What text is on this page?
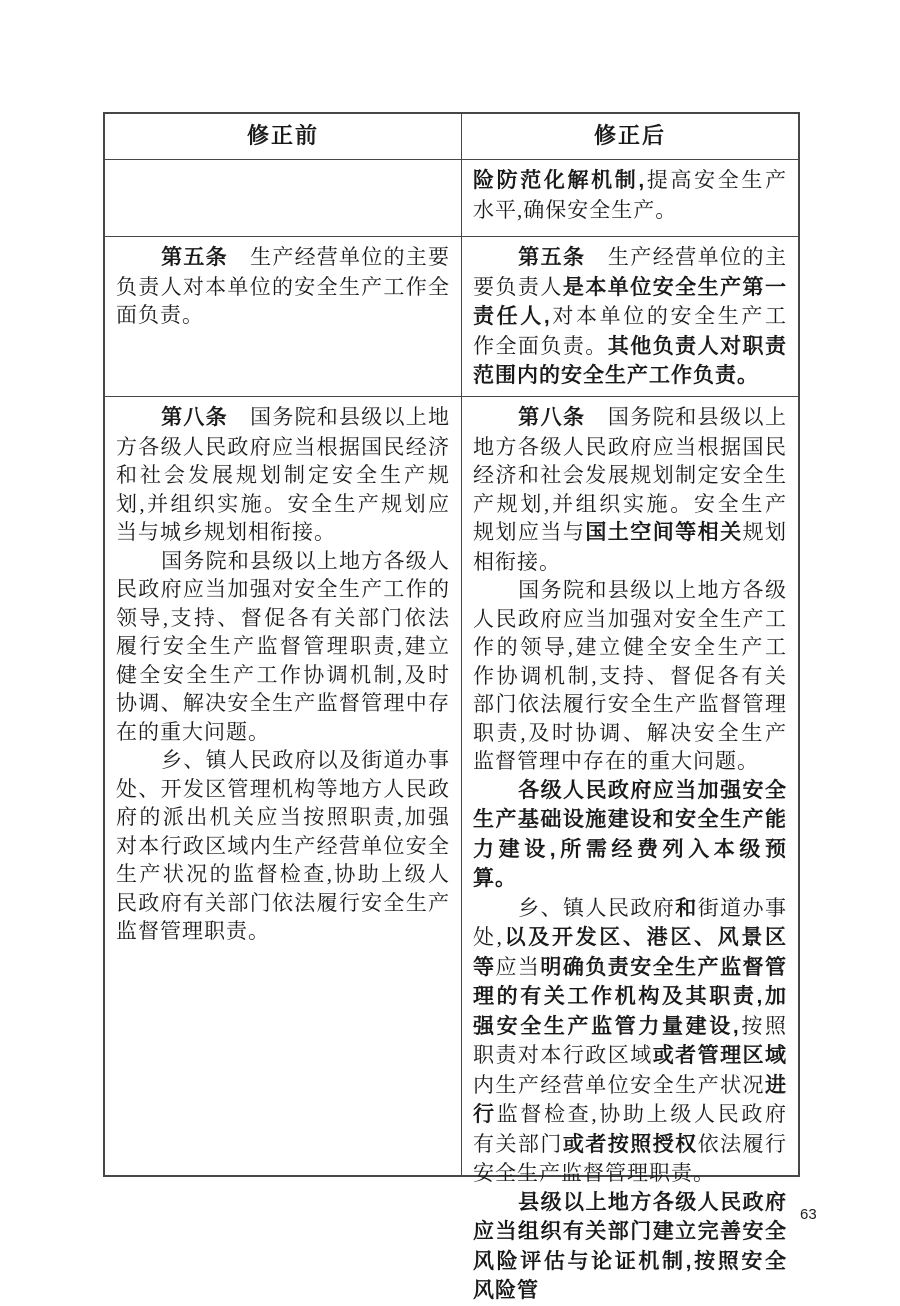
修正前	修正后

险防范化解机制,提高安全生产水平,确保安全生产。

第五条　生产经营单位的主要负责人对本单位的安全生产工作全面负责。

第五条　生产经营单位的主要负责人是本单位安全生产第一责任人,对本单位的安全生产工作全面负责。其他负责人对职责范围内的安全生产工作负责。

第八条　国务院和县级以上地方各级人民政府应当根据国民经济和社会发展规划制定安全生产规划,并组织实施。安全生产规划应当与城乡规划相衔接。

国务院和县级以上地方各级人民政府应当加强对安全生产工作的领导,支持、督促各有关部门依法履行安全生产监督管理职责,建立健全安全生产工作协调机制,及时协调、解决安全生产监督管理中存在的重大问题。

乡、镇人民政府以及街道办事处、开发区管理机构等地方人民政府的派出机关应当按照职责,加强对本行政区域内生产经营单位安全生产状况的监督检查,协助上级人民政府有关部门依法履行安全生产监督管理职责。

第八条　国务院和县级以上地方各级人民政府应当根据国民经济和社会发展规划制定安全生产规划,并组织实施。安全生产规划应当与国土空间等相关规划相衔接。

国务院和县级以上地方各级人民政府应当加强对安全生产工作的领导,建立健全安全生产工作协调机制,支持、督促各有关部门依法履行安全生产监督管理职责,及时协调、解决安全生产监督管理中存在的重大问题。

各级人民政府应当加强安全生产基础设施建设和安全生产能力建设,所需经费列入本级预算。

乡、镇人民政府和街道办事处,以及开发区、港区、风景区等应当明确负责安全生产监督管理的有关工作机构及其职责,加强安全生产监管力量建设,按照职责对本行政区域或者管理区域内生产经营单位安全生产状况进行监督检查,协助上级人民政府有关部门或者按照授权依法履行安全生产监督管理职责。

县级以上地方各级人民政府应当组织有关部门建立完善安全风险评估与论证机制,按照安全风险管

63
